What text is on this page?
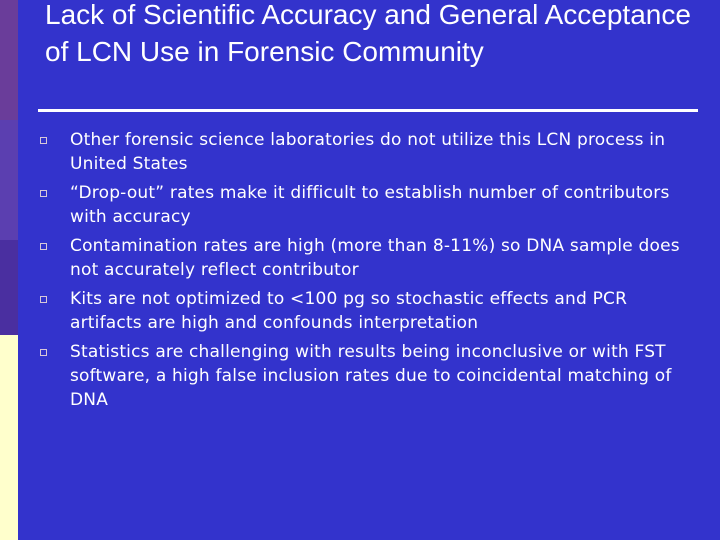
Lack of Scientific Accuracy and General Acceptance of LCN Use in Forensic Community
Other forensic science laboratories do not utilize this LCN process in United States
“Drop-out” rates make it difficult to establish number of contributors with accuracy
Contamination rates are high (more than 8-11%) so DNA sample does not accurately reflect contributor
Kits are not optimized to <100 pg so stochastic effects and PCR artifacts are high and confounds interpretation
Statistics are challenging with results being inconclusive or with FST software, a high false inclusion rates due to coincidental matching of DNA
